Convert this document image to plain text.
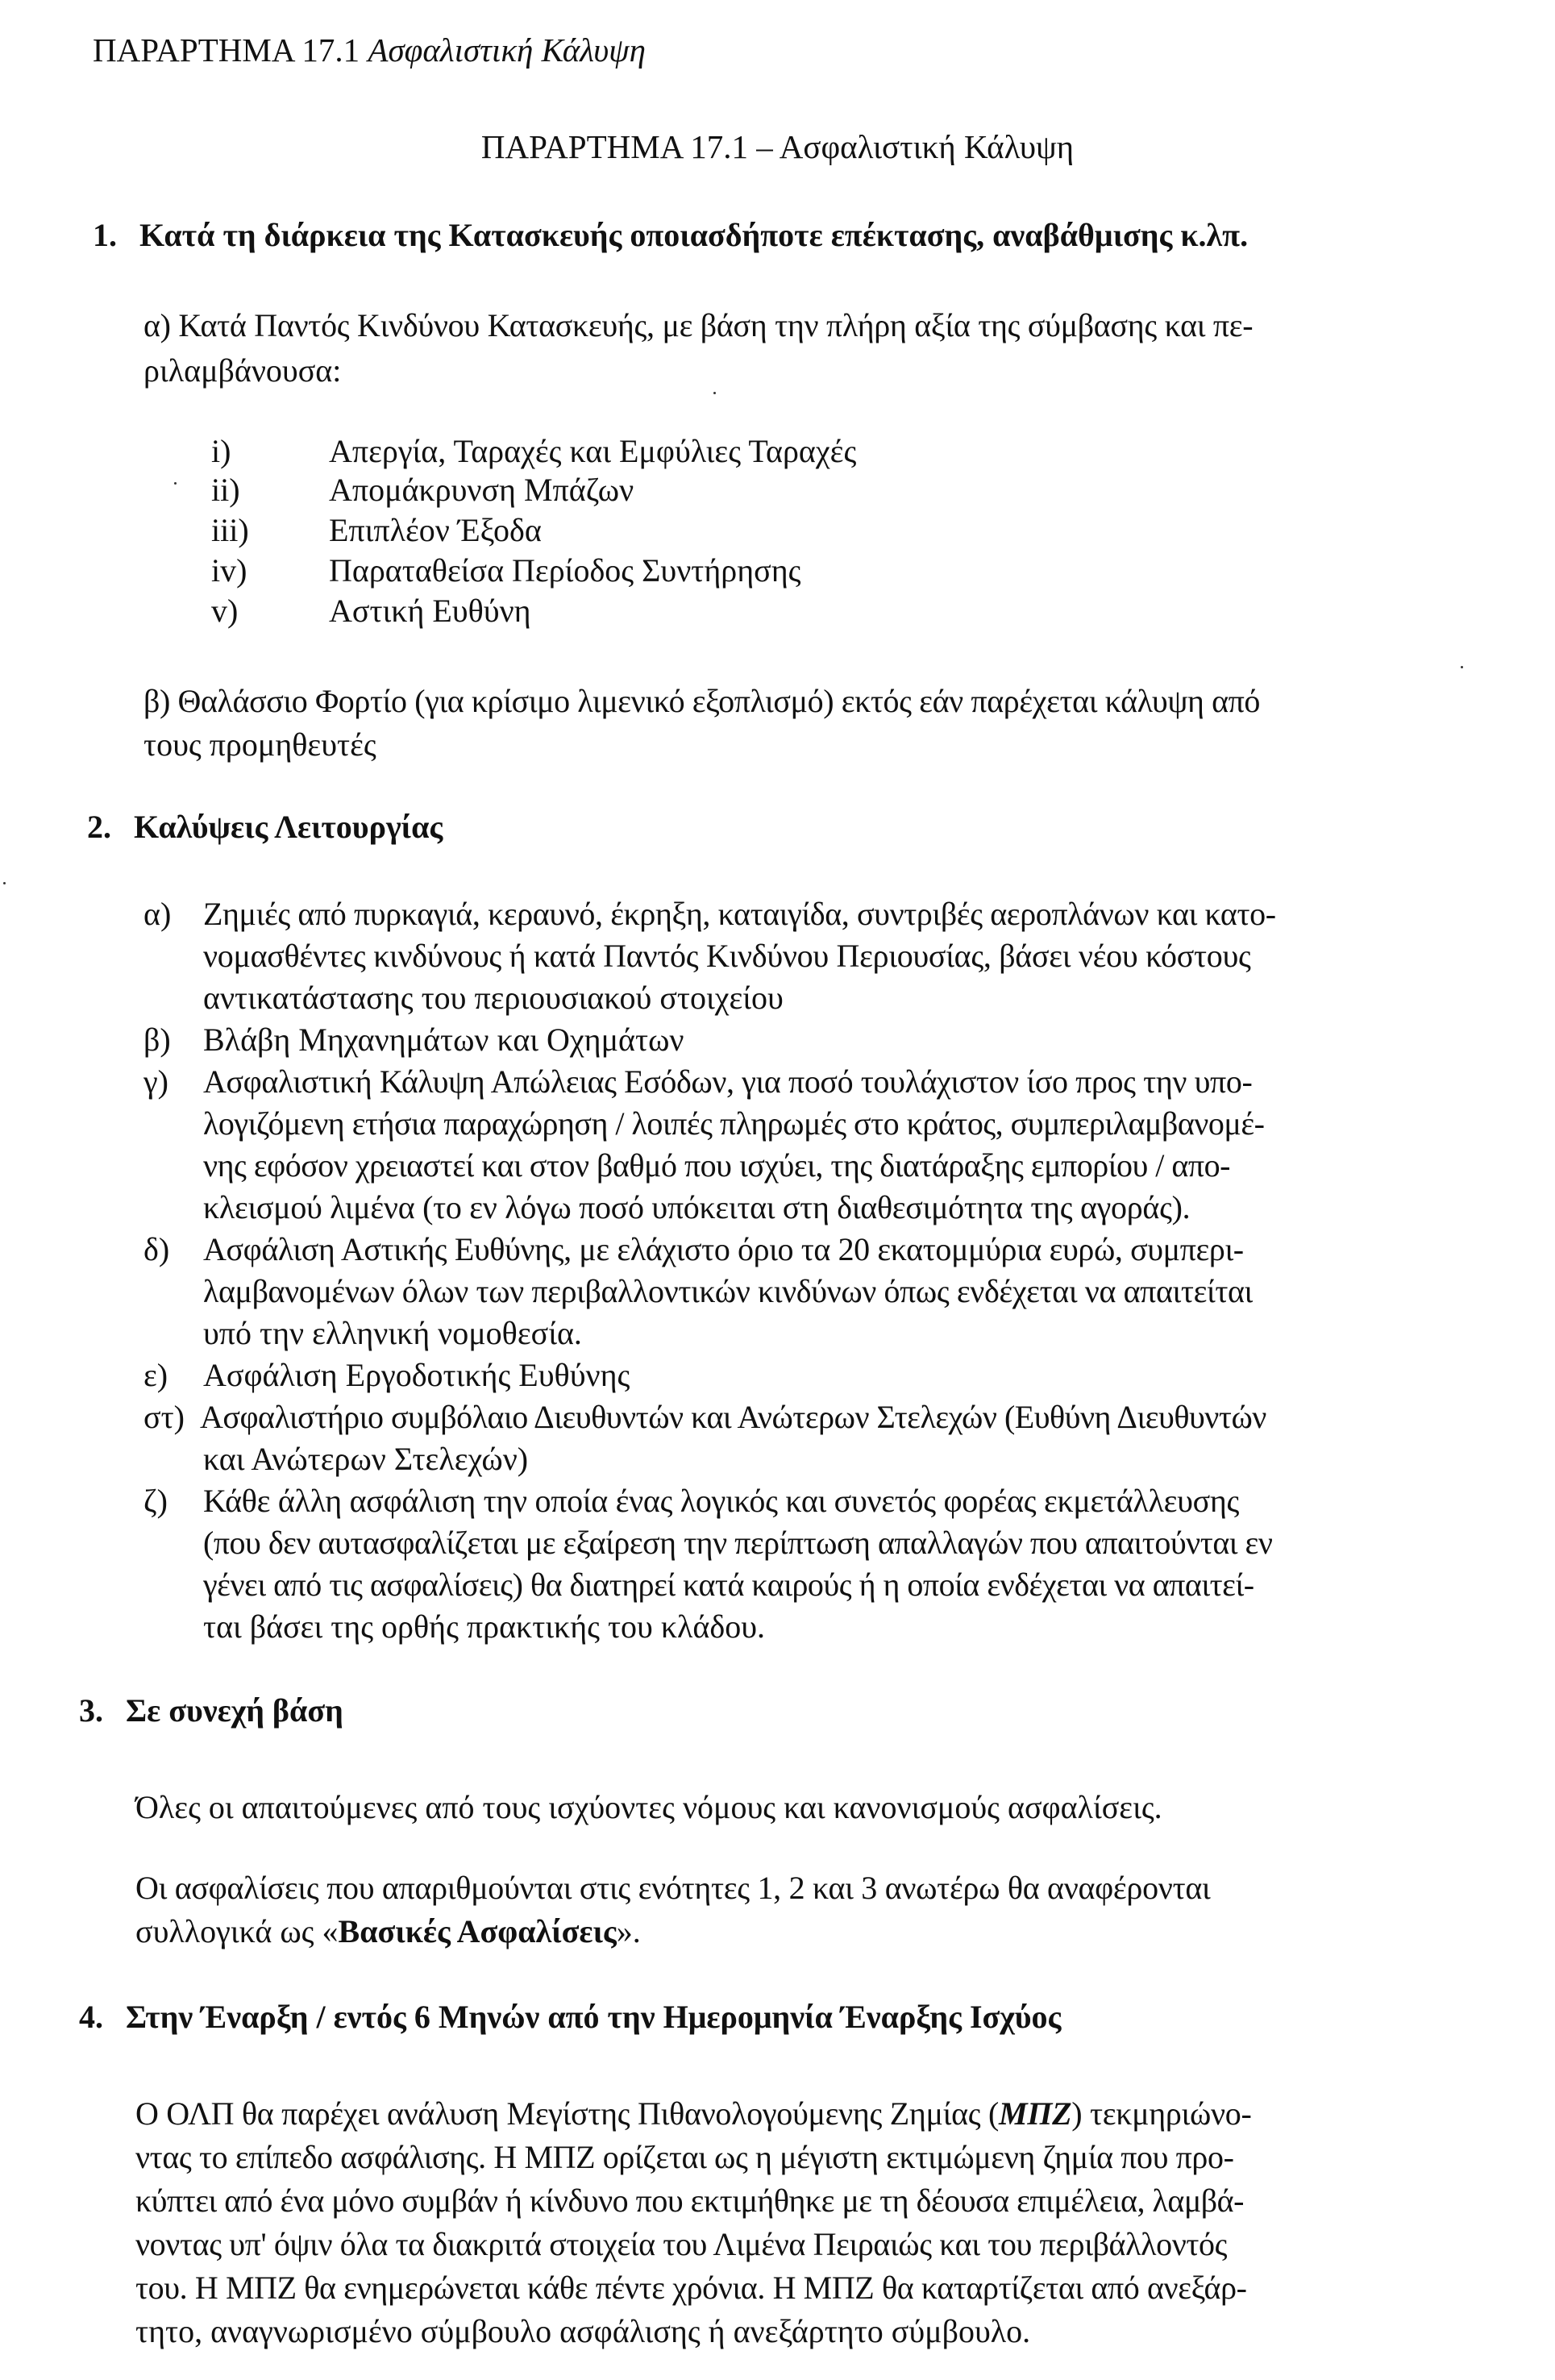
ΠΑΡΑΡΤΗΜΑ 17.1 Ασφαλιστική Κάλυψη
ΠΑΡΑΡΤΗΜΑ 17.1 – Ασφαλιστική Κάλυψη
1. Κατά τη διάρκεια της Κατασκευής οποιασδήποτε επέκτασης, αναβάθμισης κ.λπ.
α) Κατά Παντός Κινδύνου Κατασκευής, με βάση την πλήρη αξία της σύμβασης και πε-
ριλαμβάνουσα:
i)	Απεργία, Ταραχές και Εμφύλιες Ταραχές
ii)	Απομάκρυνση Μπάζων
iii) Επιπλέον Έξοδα
iv)	Παραταθείσα Περίοδος Συντήρησης
v)	Αστική Ευθύνη
β) Θαλάσσιο Φορτίο (για κρίσιμο λιμενικό εξοπλισμό) εκτός εάν παρέχεται κάλυψη από
τους προμηθευτές
2. Καλύψεις Λειτουργίας
α) Ζημιές από πυρκαγιά, κεραυνό, έκρηξη, καταιγίδα, συντριβές αεροπλάνων και κατο-
νομασθέντες κινδύνους ή κατά Παντός Κινδύνου Περιουσίας, βάσει νέου κόστους
αντικατάστασης του περιουσιακού στοιχείου
β) Βλάβη Μηχανημάτων και Οχημάτων
γ) Ασφαλιστική Κάλυψη Απώλειας Εσόδων, για ποσό τουλάχιστον ίσο προς την υπο-
λογιζόμενη ετήσια παραχώρηση / λοιπές πληρωμές στο κράτος, συμπεριλαμβανομέ-
νης εφόσον χρειαστεί και στον βαθμό που ισχύει, της διατάραξης εμπορίου / απο-
κλεισμού λιμένα (το εν λόγω ποσό υπόκειται στη διαθεσιμότητα της αγοράς).
δ) Ασφάλιση Αστικής Ευθύνης, με ελάχιστο όριο τα 20 εκατομμύρια ευρώ, συμπερι-
λαμβανομένων όλων των περιβαλλοντικών κινδύνων όπως ενδέχεται να απαιτείται
υπό την ελληνική νομοθεσία.
ε) Ασφάλιση Εργοδοτικής Ευθύνης
στ) Ασφαλιστήριο συμβόλαιο Διευθυντών και Ανώτερων Στελεχών (Ευθύνη Διευθυντών
και Ανώτερων Στελεχών)
ζ) Κάθε άλλη ασφάλιση την οποία ένας λογικός και συνετός φορέας εκμετάλλευσης
(που δεν αυτασφαλίζεται με εξαίρεση την περίπτωση απαλλαγών που απαιτούνται εν
γένει από τις ασφαλίσεις) θα διατηρεί κατά καιρούς ή η οποία ενδέχεται να απαιτεί-
ται βάσει της ορθής πρακτικής του κλάδου.
3. Σε συνεχή βάση
Όλες οι απαιτούμενες από τους ισχύοντες νόμους και κανονισμούς ασφαλίσεις.
Οι ασφαλίσεις που απαριθμούνται στις ενότητες 1, 2 και 3 ανωτέρω θα αναφέρονται
συλλογικά ως «Βασικές Ασφαλίσεις».
4. Στην Έναρξη / εντός 6 Μηνών από την Ημερομηνία Έναρξης Ισχύος
Ο ΟΛΠ θα παρέχει ανάλυση Μεγίστης Πιθανολογούμενης Ζημίας (ΜΠΖ) τεκμηριώνο-
ντας το επίπεδο ασφάλισης. Η ΜΠΖ ορίζεται ως η μέγιστη εκτιμώμενη ζημία που προ-
κύπτει από ένα μόνο συμβάν ή κίνδυνο που εκτιμήθηκε με τη δέουσα επιμέλεια, λαμβά-
νοντας υπ' όψιν όλα τα διακριτά στοιχεία του Λιμένα Πειραιώς και του περιβάλλοντός
του. Η ΜΠΖ θα ενημερώνεται κάθε πέντε χρόνια. Η ΜΠΖ θα καταρτίζεται από ανεξάρ-
τητο, αναγνωρισμένο σύμβουλο ασφάλισης ή ανεξάρτητο σύμβουλο.
